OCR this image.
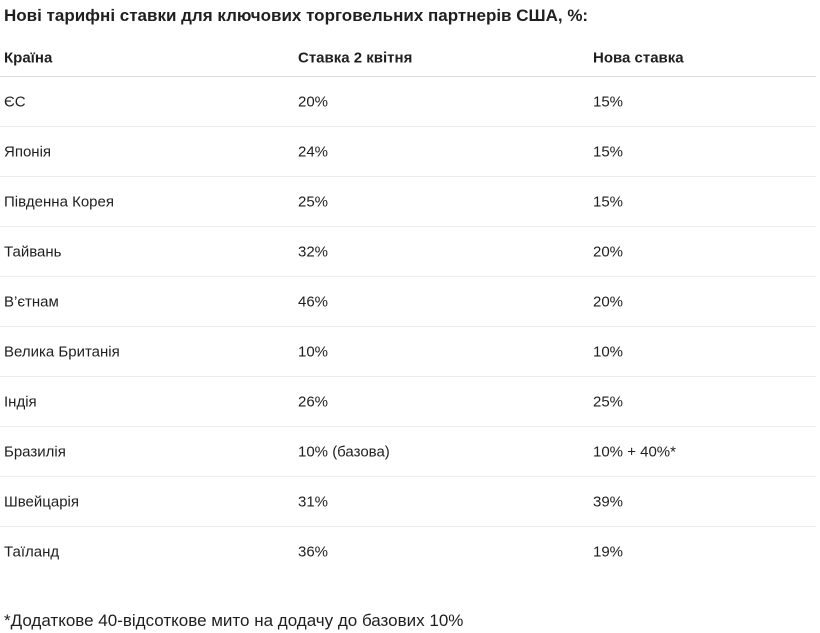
Нові тарифні ставки для ключових торговельних партнерів США, %:
Країна	Ставка 2 квітня	Нова ставка
ЄС	20%	15%
Японія	24%	15%
Південна Корея	25%	15%
Тайвань	32%	20%
В’єтнам	46%	20%
Велика Британія	10%	10%
Індія	26%	25%
Бразилія	10% (базова)	10% + 40%*
Швейцарія	31%	39%
Таїланд	36%	19%
*Додаткове 40-відсоткове мито на додачу до базових 10%
